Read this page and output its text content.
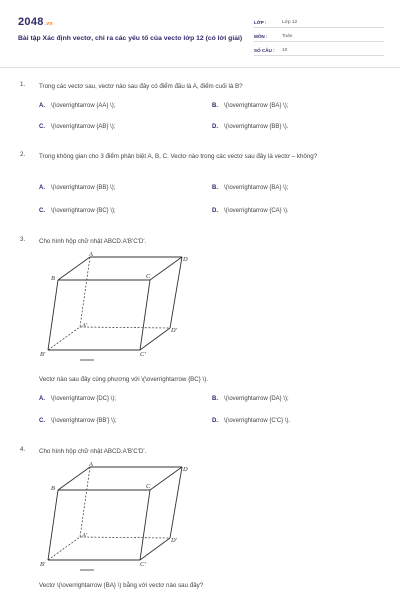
2048.vn
Bài tập Xác định vectơ, chỉ ra các yếu tố của vecto lớp 12 (có lời giải)
LỚP :	Lớp 12
MÔN :	Toán
SỐ CÂU :	10
1. Trong các vectơ sau, vectơ nào sau đây có điểm đầu là A, điểm cuối là B?
A. \(\overrightarrow {AA} \);	B. \(\overrightarrow {BA} \);
C. \(\overrightarrow {AB} \);	D. \(\overrightarrow {BB} \).
2. Trong không gian cho 3 điểm phân biệt A, B, C. Vectơ nào trong các vectơ sau đây là vectơ – không?
A. \(\overrightarrow {BB} \);	B. \(\overrightarrow {BA} \);
C. \(\overrightarrow {BC} \);	D. \(\overrightarrow {CA} \).
3. Cho hình hộp chữ nhật ABCD.A'B'C'D'.
A
B	C
D
A'
B'	C'
D'
Vectơ nào sau đây cùng phương với \(\overrightarrow {BC} \).
A. \(\overrightarrow {DC} \);	B. \(\overrightarrow {DA} \);
C. \(\overrightarrow {BB'} \);	D. \(\overrightarrow {C'C} \).
4. Cho hình hộp chữ nhật ABCD.A'B'C'D'.
A
B	C
D
A'
B'	C'
D'
Vectơ \(\overrightarrow {BA} \) bằng với vectơ nào sau đây?
